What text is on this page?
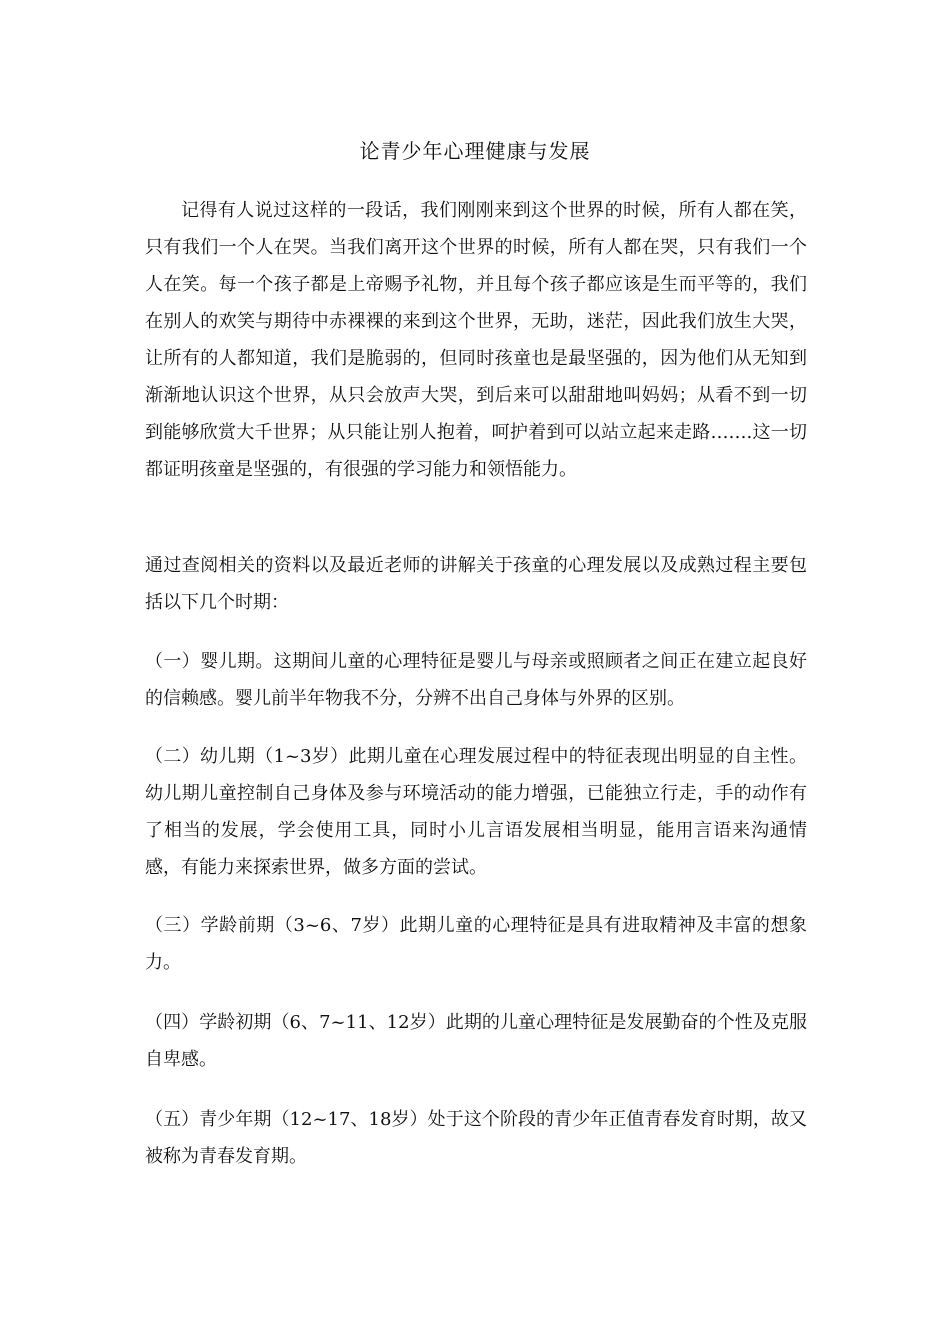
论青少年心理健康与发展

记得有人说过这样的一段话，我们刚刚来到这个世界的时候，所有人都在笑，只有我们一个人在哭。当我们离开这个世界的时候，所有人都在哭，只有我们一个人在笑。每一个孩子都是上帝赐予礼物，并且每个孩子都应该是生而平等的，我们在别人的欢笑与期待中赤裸裸的来到这个世界，无助，迷茫，因此我们放生大哭，让所有的人都知道，我们是脆弱的，但同时孩童也是最坚强的，因为他们从无知到渐渐地认识这个世界，从只会放声大哭，到后来可以甜甜地叫妈妈；从看不到一切到能够欣赏大千世界；从只能让别人抱着，呵护着到可以站立起来走路…….这一切都证明孩童是坚强的，有很强的学习能力和领悟能力。

通过查阅相关的资料以及最近老师的讲解关于孩童的心理发展以及成熟过程主要包括以下几个时期：

（一）婴儿期。这期间儿童的心理特征是婴儿与母亲或照顾者之间正在建立起良好的信赖感。婴儿前半年物我不分，分辨不出自己身体与外界的区别。

（二）幼儿期（1~3岁）此期儿童在心理发展过程中的特征表现出明显的自主性。幼儿期儿童控制自己身体及参与环境活动的能力增强，已能独立行走，手的动作有了相当的发展，学会使用工具，同时小儿言语发展相当明显，能用言语来沟通情感，有能力来探索世界，做多方面的尝试。

（三）学龄前期（3~6、7岁）此期儿童的心理特征是具有进取精神及丰富的想象力。

（四）学龄初期（6、7~11、12岁）此期的儿童心理特征是发展勤奋的个性及克服自卑感。

（五）青少年期（12~17、18岁）处于这个阶段的青少年正值青春发育时期，故又被称为青春发育期。
